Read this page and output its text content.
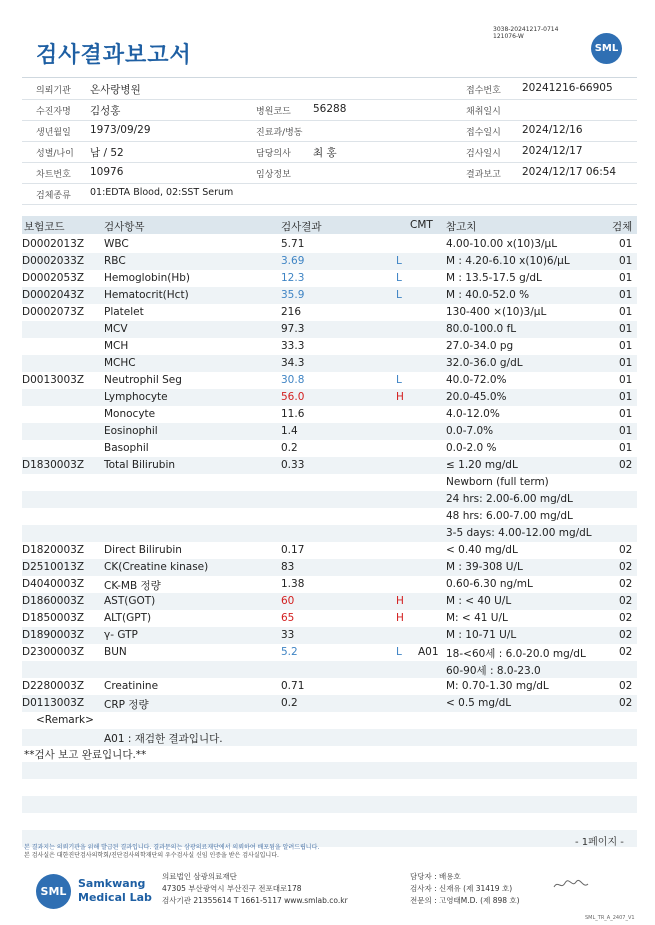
3038-20241217-0714
121076-W
검사결과보고서	SML
의뢰기관 온사랑병원	접수번호 20241216-66905
수진자명 김성홍	병원코드 56288	채취일시
생년월일 1973/09/29	진료과/병동	접수일시 2024/12/16
성별/나이 남 / 52	담당의사 최 홍	검사일시 2024/12/17
차트번호 10976	임상정보	결과보고 2024/12/17 06:54
검체종류 01:EDTA Blood, 02:SST Serum
보험코드	검사항목	검사결과	CMT 참고치	검체
D0002013Z WBC	5.71	4.00-10.00 x(10)3/μL	01
D0002033Z RBC	3.69	L	M : 4.20-6.10 x(10)6/μL	01
D0002053Z Hemoglobin(Hb)	12.3	L	M : 13.5-17.5 g/dL	01
D0002043Z Hematocrit(Hct)	35.9	L	M : 40.0-52.0 %	01
D0002073Z Platelet	216	130-400 ×(10)3/μL	01
MCV	97.3	80.0-100.0 fL	01
MCH	33.3	27.0-34.0 pg	01
MCHC	34.3	32.0-36.0 g/dL	01
D0013003Z Neutrophil Seg	30.8	L	40.0-72.0%	01
Lymphocyte	56.0	H	20.0-45.0%	01
Monocyte	11.6	4.0-12.0%	01
Eosinophil	1.4	0.0-7.0%	01
Basophil	0.2	0.0-2.0 %	01
D1830003Z Total Bilirubin	0.33	≤ 1.20 mg/dL	02
Newborn (full term)
24 hrs: 2.00-6.00 mg/dL
48 hrs: 6.00-7.00 mg/dL
3-5 days: 4.00-12.00 mg/dL
D1820003Z Direct Bilirubin	0.17	< 0.40 mg/dL	02
D2510013Z CK(Creatine kinase)	83	M : 39-308 U/L	02
D4040003Z CK-MB 정량	1.38	0.60-6.30 ng/mL	02
D1860003Z AST(GOT)	60	H	M : < 40 U/L	02
D1850003Z ALT(GPT)	65	H	M: < 41 U/L	02
D1890003Z γ- GTP	33	M : 10-71 U/L	02
D2300003Z BUN	5.2	L A01 18-<60세 : 6.0-20.0 mg/dL	02
60-90세 : 8.0-23.0
D2280003Z Creatinine	0.71	M: 0.70-1.30 mg/dL	02
D0113003Z CRP 정량	0.2	< 0.5 mg/dL	02
<Remark>
A01 : 재검한 결과입니다.
**검사 보고 완료입니다.**
본 결과지는 의뢰기관을 위해 발급된 결과입니다. 결과문의는 삼광의료재단에서 의뢰하여 배포됨을 알려드립니다.
본 검사실은 대한진단검사의학회/진단검사의학재단의 우수검사실 신임 인증을 받은 검사실입니다.
- 1페이지 -
SML
Samkwang
Medical Lab
의료법인 삼광의료재단
47305 부산광역시 부산진구 전포대로178
검사기관 21355614 T 1661-5117 www.smlab.co.kr
담당자 : 배용호
검사자 : 신재유 (제 31419 호)
전문의 : 고영태M.D. (제 898 호)
SML_TR_A_2407_V1
